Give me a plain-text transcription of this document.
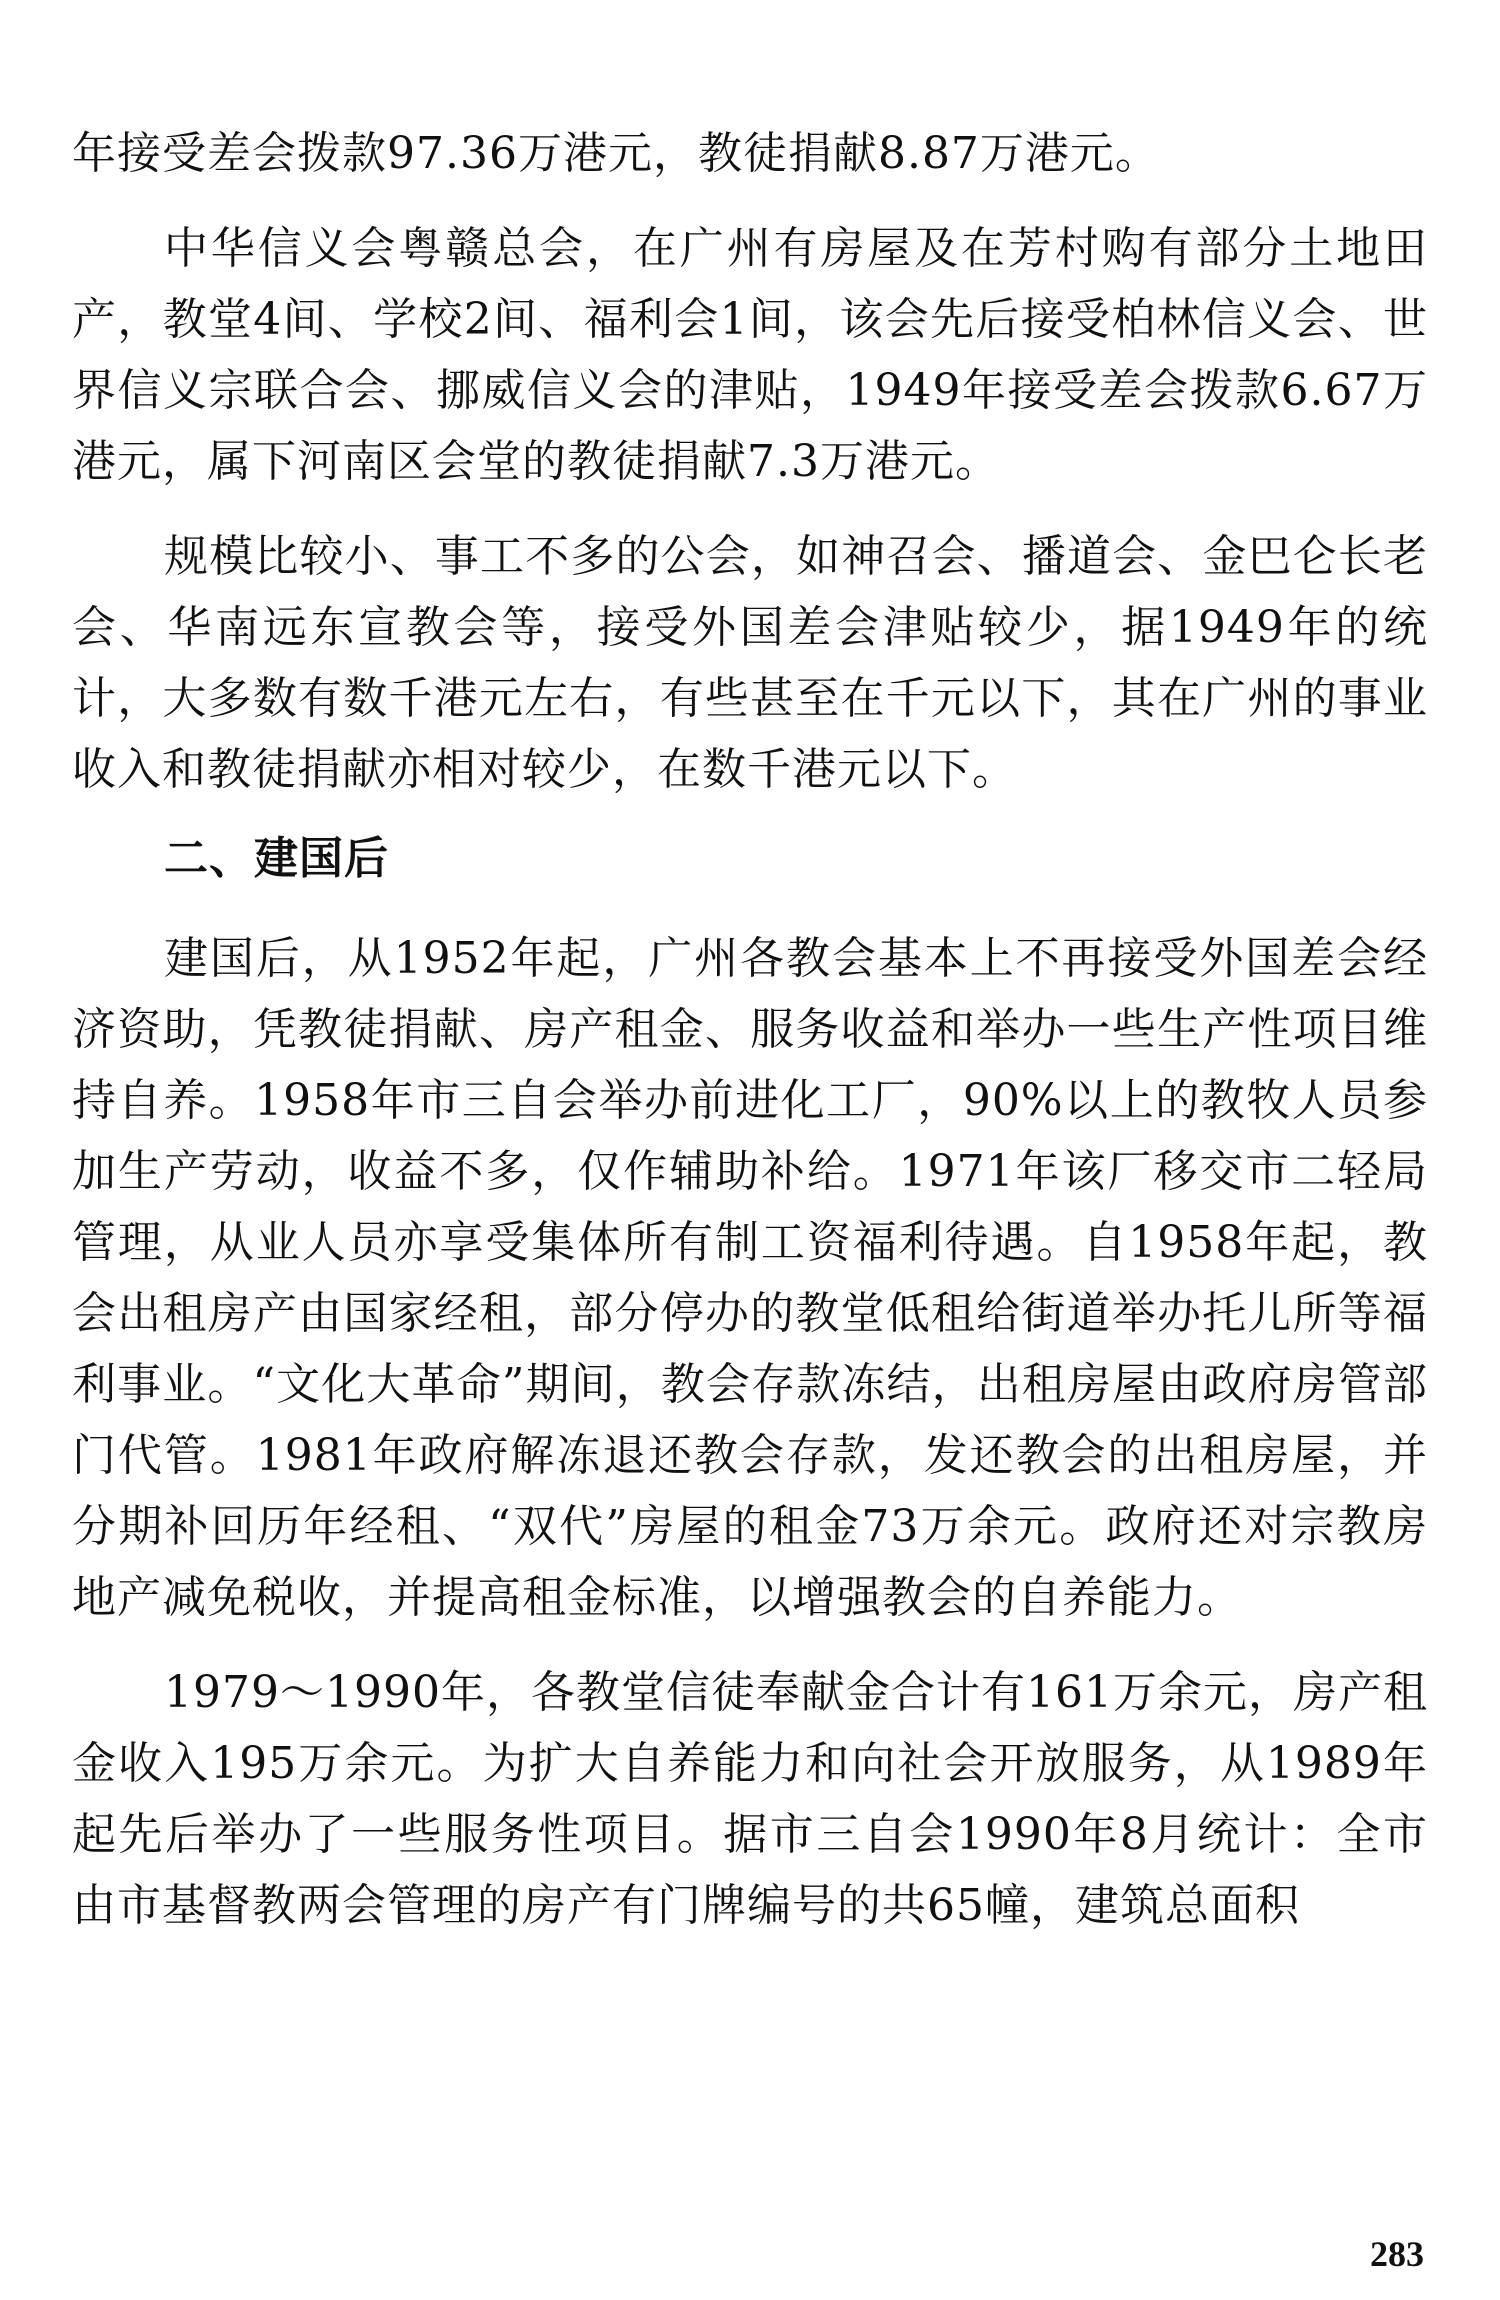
年接受差会拨款97.36万港元，教徒捐献8.87万港元。

中华信义会粤赣总会，在广州有房屋及在芳村购有部分土地田产，教堂4间、学校2间、福利会1间，该会先后接受柏林信义会、世界信义宗联合会、挪威信义会的津贴，1949年接受差会拨款6.67万港元，属下河南区会堂的教徒捐献7.3万港元。

规模比较小、事工不多的公会，如神召会、播道会、金巴仑长老会、华南远东宣教会等，接受外国差会津贴较少，据1949年的统计，大多数有数千港元左右，有些甚至在千元以下，其在广州的事业收入和教徒捐献亦相对较少，在数千港元以下。

二、建国后

建国后，从1952年起，广州各教会基本上不再接受外国差会经济资助，凭教徒捐献、房产租金、服务收益和举办一些生产性项目维持自养。1958年市三自会举办前进化工厂，90%以上的教牧人员参加生产劳动，收益不多，仅作辅助补给。1971年该厂移交市二轻局管理，从业人员亦享受集体所有制工资福利待遇。自1958年起，教会出租房产由国家经租，部分停办的教堂低租给街道举办托儿所等福利事业。“文化大革命”期间，教会存款冻结，出租房屋由政府房管部门代管。1981年政府解冻退还教会存款，发还教会的出租房屋，并分期补回历年经租、“双代”房屋的租金73万余元。政府还对宗教房地产减免税收，并提高租金标准，以增强教会的自养能力。

1979～1990年，各教堂信徒奉献金合计有161万余元，房产租金收入195万余元。为扩大自养能力和向社会开放服务，从1989年起先后举办了一些服务性项目。据市三自会1990年8月统计：全市由市基督教两会管理的房产有门牌编号的共65幢，建筑总面积

283
